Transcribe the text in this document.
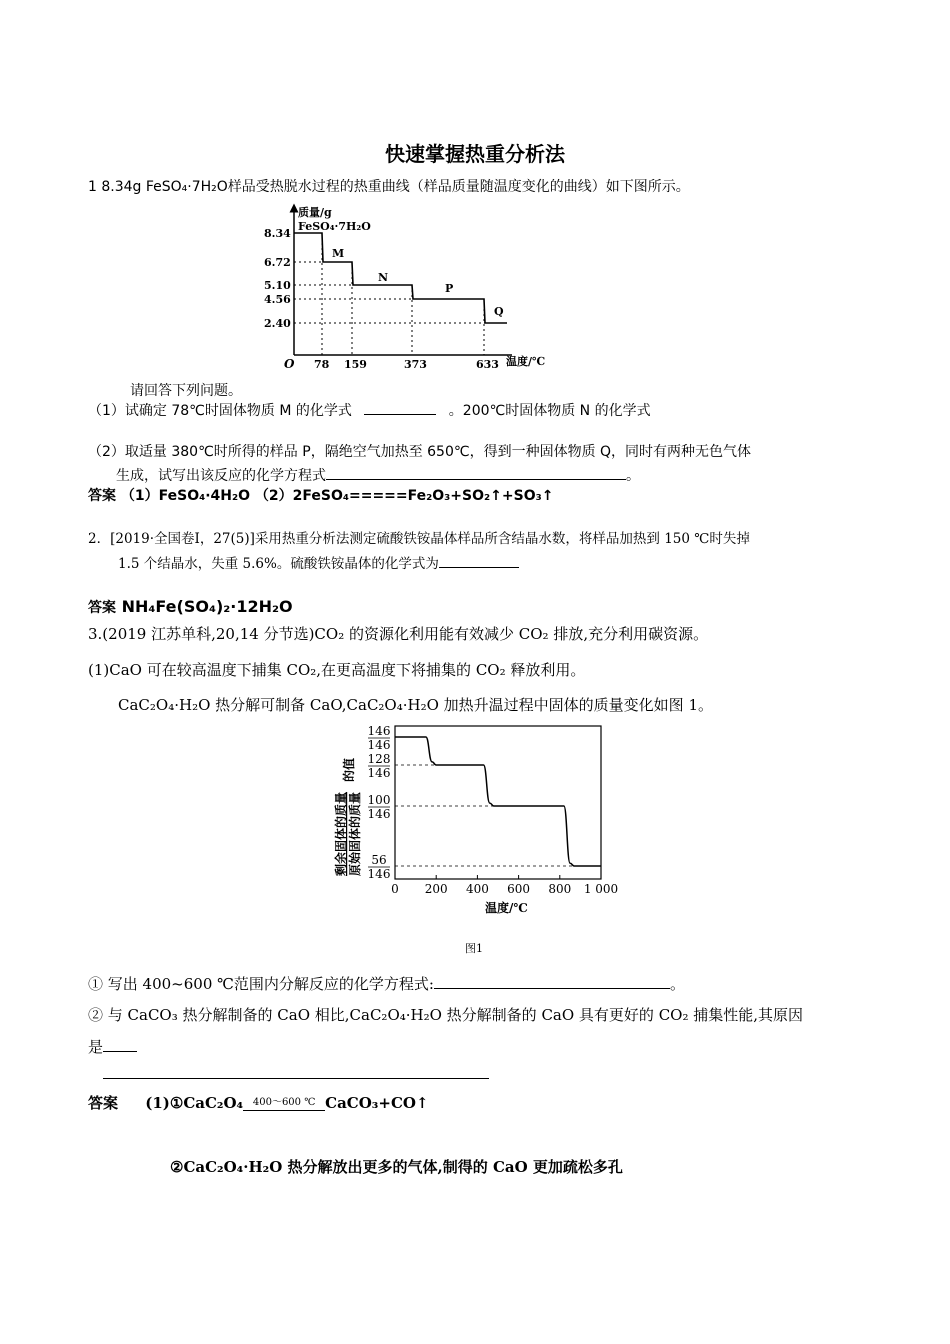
快速掌握热重分析法
1 8.34g FeSO₄·7H₂O样品受热脱水过程的热重曲线（样品质量随温度变化的曲线）如下图所示。
质量/g
FeSO₄·7H₂O
O	温度/℃
8.34
6.72
5.10
4.56
2.40
78 159	373	633
M
N
P
Q
请回答下列问题。
（1）试确定 78℃时固体物质 M 的化学式	。200℃时固体物质 N 的化学式
（2）取适量 380℃时所得的样品 P，隔绝空气加热至 650℃，得到一种固体物质 Q，同时有两种无色气体
生成，试写出该反应的化学方程式	。
答案 （1）FeSO₄·4H₂O （2）2FeSO₄=====Fe₂O₃+SO₂↑+SO₃↑
2．[2019·全国卷Ⅰ，27(5)]采用热重分析法测定硫酸铁铵晶体样品所含结晶水数，将样品加热到 150 ℃时失掉
1.5 个结晶水，失重 5.6%。硫酸铁铵晶体的化学式为
答案 NH₄Fe(SO₄)₂·12H₂O
3.(2019 江苏单科,20,14 分节选)CO₂ 的资源化利用能有效减少 CO₂ 排放,充分利用碳资源。
(1)CaO 可在较高温度下捕集 CO₂,在更高温度下将捕集的 CO₂ 释放利用。
CaC₂O₄·H₂O 热分解可制备 CaO,CaC₂O₄·H₂O 加热升温过程中固体的质量变化如图 1。
剩余固体的质量 原始固体的质量
的值
146
146
128
146
100
146
56
146
0 200 400 600 800 1 000
温度/℃
图1
① 写出 400~600 ℃范围内分解反应的化学方程式:	。
② 与 CaCO₃ 热分解制备的 CaO 相比,CaC₂O₄·H₂O 热分解制备的 CaO 具有更好的 CO₂ 捕集性能,其原因
是
答案 (1)①CaC₂O₄ 400～600 ℃ CaCO₃+CO↑
②CaC₂O₄·H₂O 热分解放出更多的气体,制得的 CaO 更加疏松多孔
